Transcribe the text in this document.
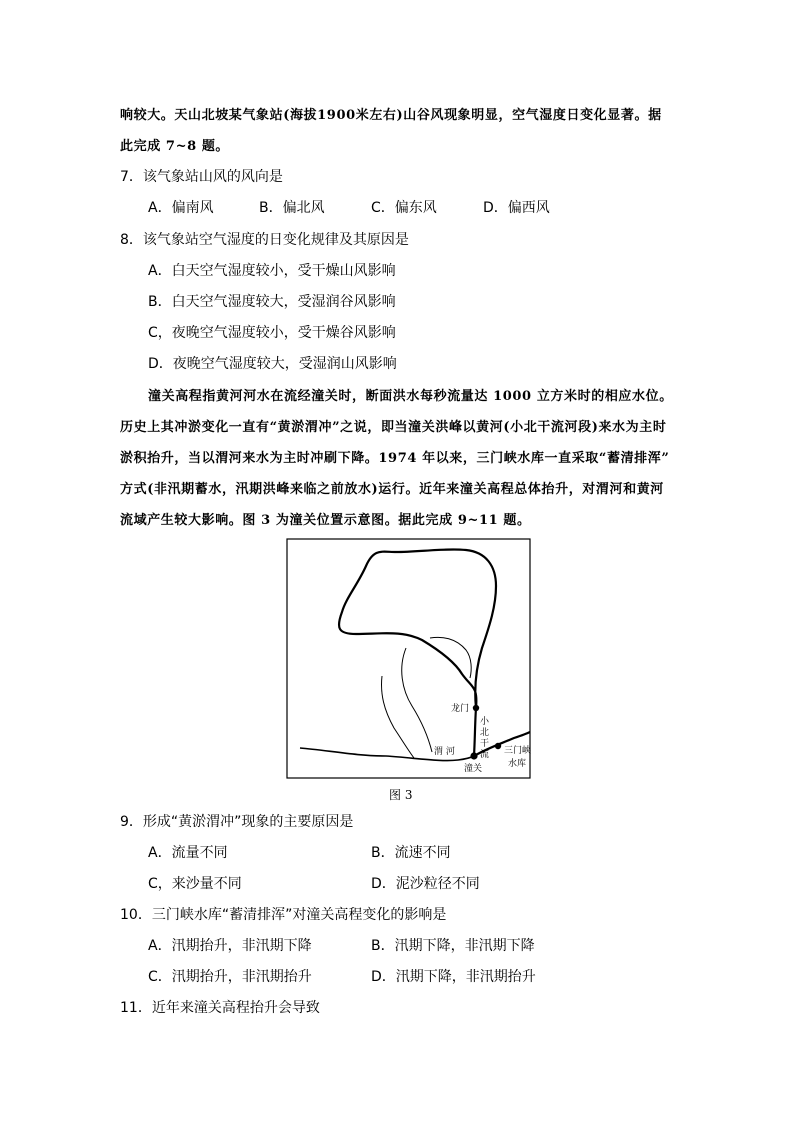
响较大。天山北坡某气象站(海拔1900米左右)山谷风现象明显，空气湿度日变化显著。据
此完成 7~8 题。
7．该气象站山风的风向是
A．偏南风	B．偏北风	C．偏东风	D．偏西风
8．该气象站空气湿度的日变化规律及其原因是
A．白天空气湿度较小，受干燥山风影响
B．白天空气湿度较大，受湿润谷风影响
C，夜晚空气湿度较小，受干燥谷风影响
D．夜晚空气湿度较大，受湿润山风影响
潼关高程指黄河河水在流经潼关时，断面洪水每秒流量达 1000 立方米时的相应水位。
历史上其冲淤变化一直有“黄淤渭冲”之说，即当潼关洪峰以黄河(小北干流河段)来水为主时
淤积抬升，当以渭河来水为主时冲刷下降。1974 年以来，三门峡水库一直采取“蓄清排浑”
方式(非汛期蓄水，汛期洪峰来临之前放水)运行。近年来潼关高程总体抬升，对渭河和黄河
流域产生较大影响。图 3 为潼关位置示意图。据此完成 9~11 题。
龙门
小
北
干
流
渭 河
潼关
三门峡
水库
图 3
9．形成“黄淤渭冲”现象的主要原因是
A．流量不同	B．流速不同
C，来沙量不同	D．泥沙粒径不同
10．三门峡水库“蓄清排浑”对潼关高程变化的影响是
A．汛期抬升，非汛期下降	B．汛期下降，非汛期下降
C．汛期抬升，非汛期抬升	D．汛期下降，非汛期抬升
11．近年来潼关高程抬升会导致
